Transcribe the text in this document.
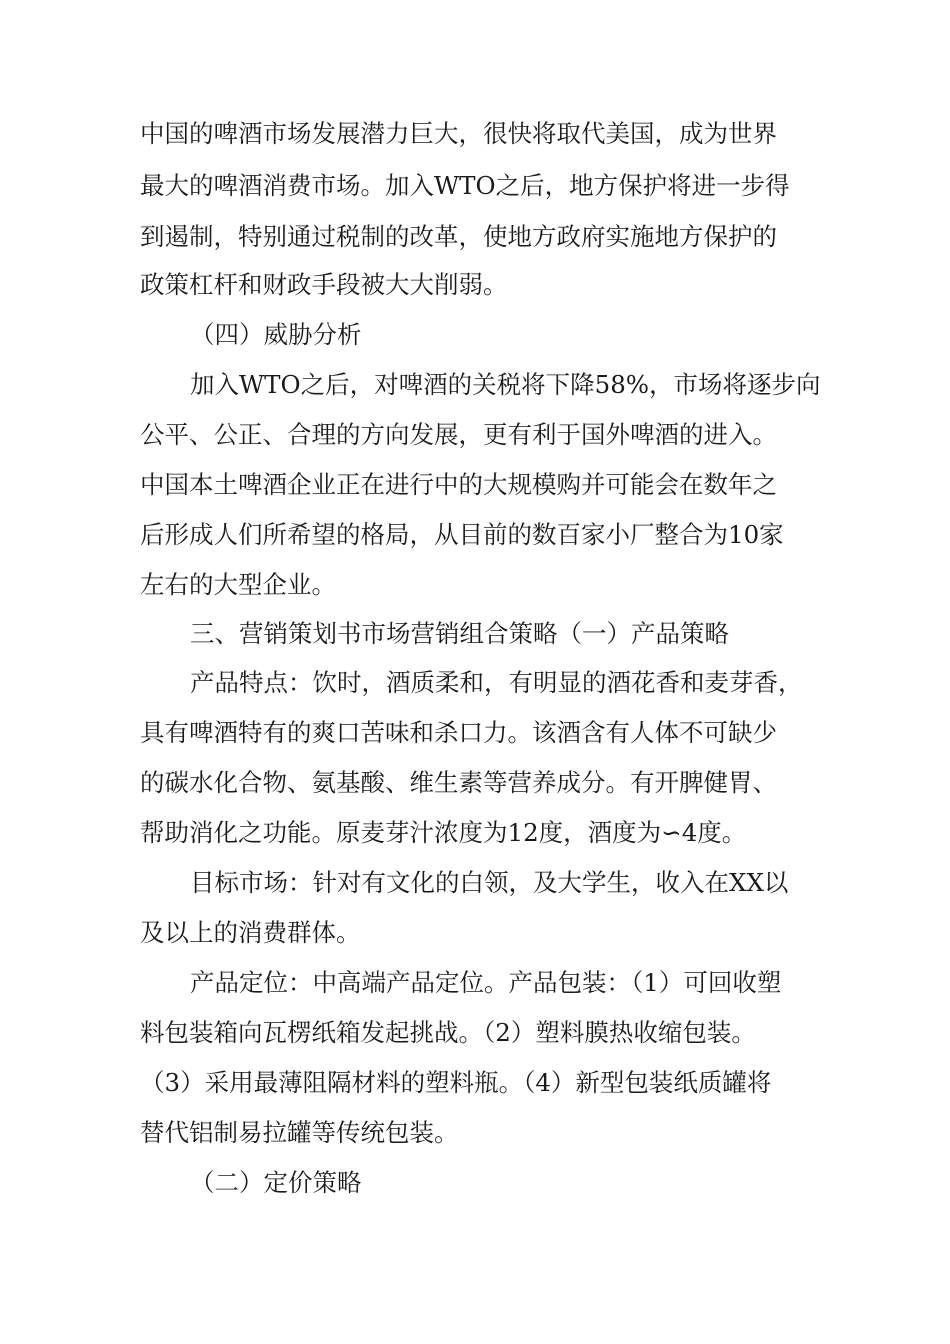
中国的啤酒市场发展潜力巨大，很快将取代美国，成为世界

最大的啤酒消费市场。加入WTO之后，地方保护将进一步得

到遏制，特别通过税制的改革，使地方政府实施地方保护的

政策杠杆和财政手段被大大削弱。

（四）威胁分析

加入WTO之后，对啤酒的关税将下降58%，市场将逐步向

公平、公正、合理的方向发展，更有利于国外啤酒的进入。

中国本土啤酒企业正在进行中的大规模购并可能会在数年之

后形成人们所希望的格局，从目前的数百家小厂整合为10家

左右的大型企业。

三、营销策划书市场营销组合策略（一）产品策略

产品特点：饮时，酒质柔和，有明显的酒花香和麦芽香，

具有啤酒特有的爽口苦味和杀口力。该酒含有人体不可缺少

的碳水化合物、氨基酸、维生素等营养成分。有开脾健胃、

帮助消化之功能。原麦芽汁浓度为12度，酒度为∽4度。

目标市场：针对有文化的白领，及大学生，收入在XX以

及以上的消费群体。

产品定位：中高端产品定位。产品包装：（1）可回收塑

料包装箱向瓦楞纸箱发起挑战。（2）塑料膜热收缩包装。

（3）采用最薄阻隔材料的塑料瓶。（4）新型包装纸质罐将

替代铝制易拉罐等传统包装。

（二）定价策略
